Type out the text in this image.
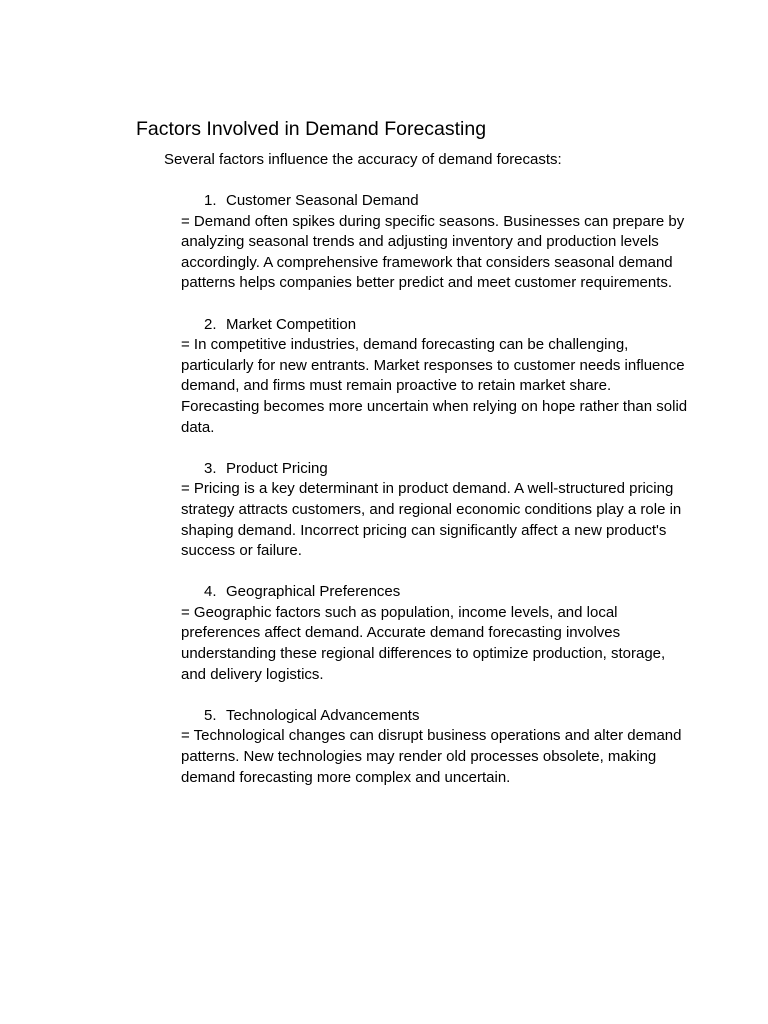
Factors Involved in Demand Forecasting

Several factors influence the accuracy of demand forecasts:

1. Customer Seasonal Demand
= Demand often spikes during specific seasons. Businesses can prepare by analyzing seasonal trends and adjusting inventory and production levels accordingly. A comprehensive framework that considers seasonal demand patterns helps companies better predict and meet customer requirements.
2. Market Competition
= In competitive industries, demand forecasting can be challenging, particularly for new entrants. Market responses to customer needs influence demand, and firms must remain proactive to retain market share. Forecasting becomes more uncertain when relying on hope rather than solid data.
3. Product Pricing
= Pricing is a key determinant in product demand. A well-structured pricing strategy attracts customers, and regional economic conditions play a role in shaping demand. Incorrect pricing can significantly affect a new product's success or failure.
4. Geographical Preferences
= Geographic factors such as population, income levels, and local preferences affect demand. Accurate demand forecasting involves understanding these regional differences to optimize production, storage, and delivery logistics.
5. Technological Advancements
= Technological changes can disrupt business operations and alter demand patterns. New technologies may render old processes obsolete, making demand forecasting more complex and uncertain.
